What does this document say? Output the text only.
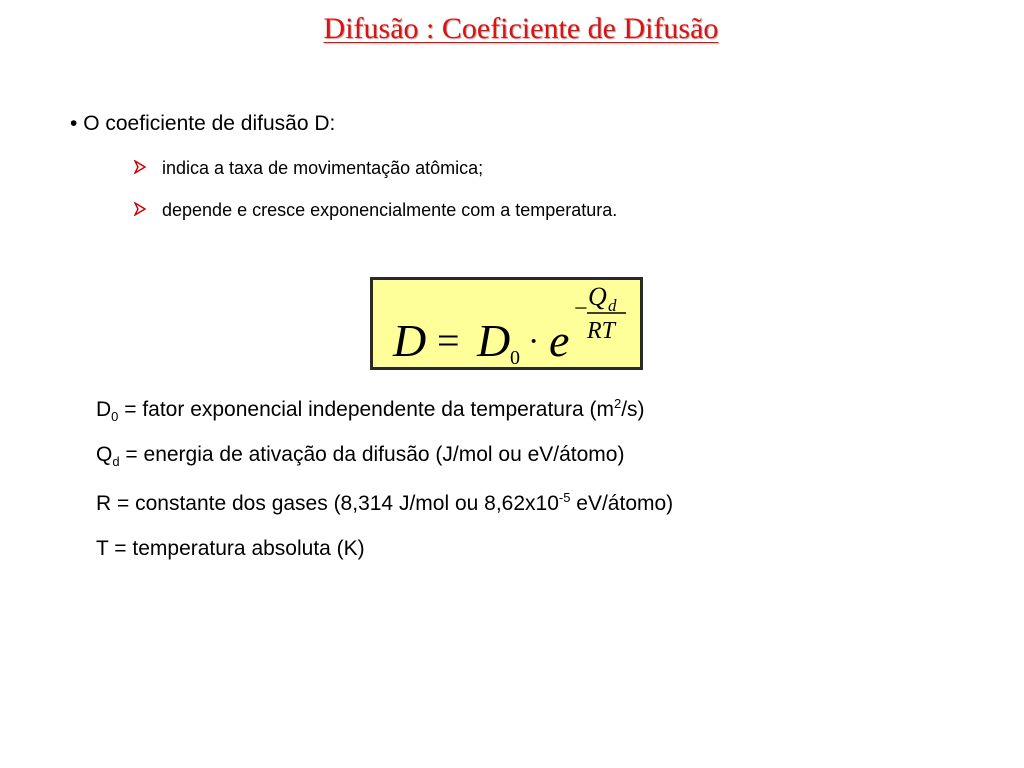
Difusão : Coeficiente de Difusão
• O coeficiente de difusão D:
indica a taxa de movimentação atômica;
depende e cresce exponencialmente com a temperatura.
D = D 0 · e
− Q d
RT
$D_0$ = fator exponencial independente da temperatura $(m^2/s)$
$Q_d$ = energia de ativação da difusão (J/mol ou eV/átomo)
R = constante dos gases (8,314 J/mol ou $8,62x10^{-5}$ eV/átomo)
T = temperatura absoluta (K)
